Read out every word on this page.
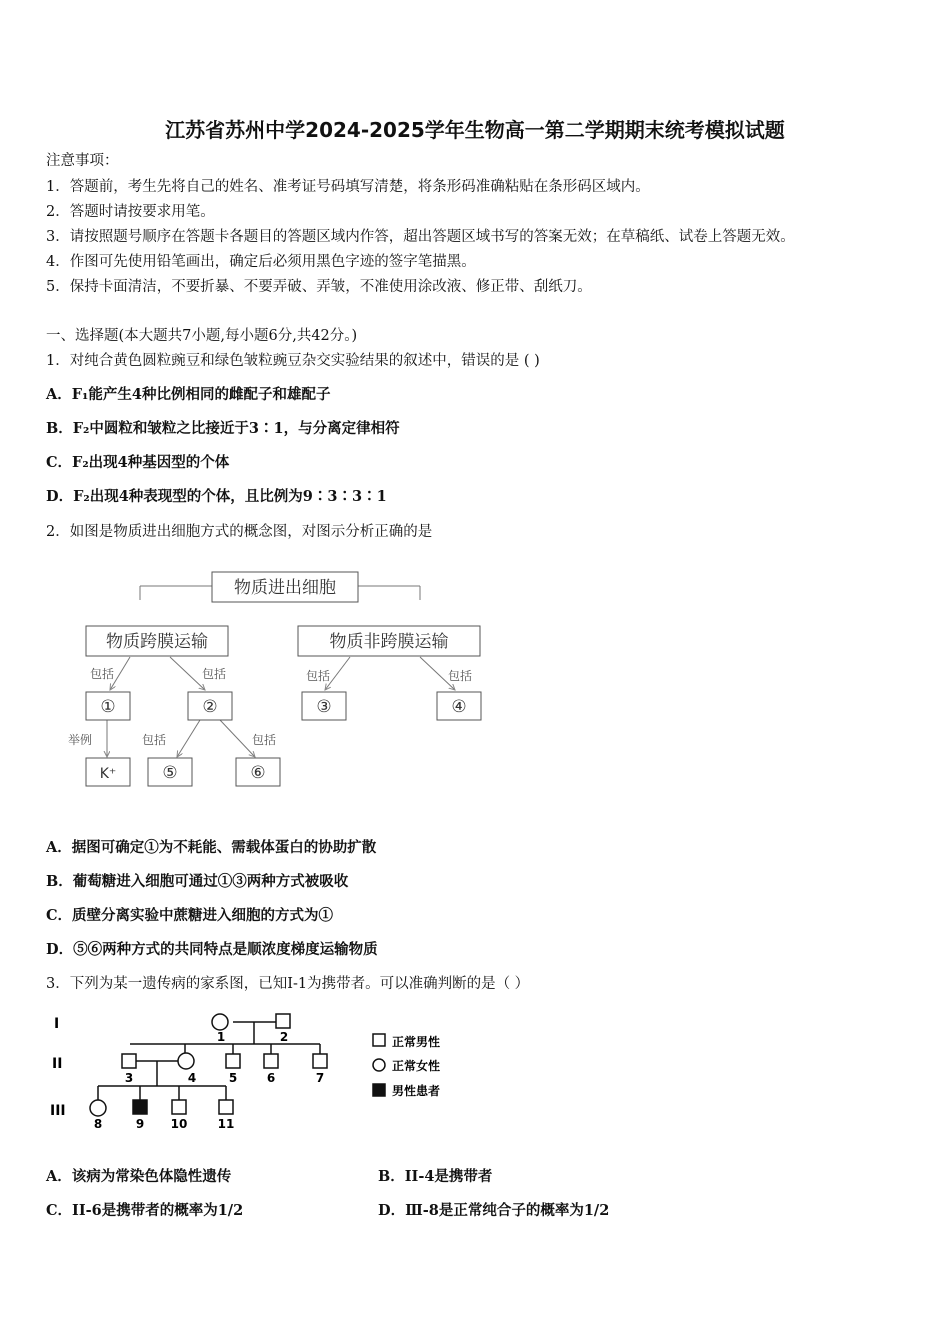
江苏省苏州中学2024-2025学年生物高一第二学期期末统考模拟试题
注意事项：
1．答题前，考生先将自己的姓名、准考证号码填写清楚，将条形码准确粘贴在条形码区域内。
2．答题时请按要求用笔。
3．请按照题号顺序在答题卡各题目的答题区域内作答，超出答题区域书写的答案无效；在草稿纸、试卷上答题无效。
4．作图可先使用铅笔画出，确定后必须用黑色字迹的签字笔描黑。
5．保持卡面清洁，不要折暴、不要弄破、弄皱，不准使用涂改液、修正带、刮纸刀。
一、选择题(本大题共7小题,每小题6分,共42分。)
1．对纯合黄色圆粒豌豆和绿色皱粒豌豆杂交实验结果的叙述中，错误的是 ( )
A．F₁能产生4种比例相同的雌配子和雄配子
B．F₂中圆粒和皱粒之比接近于3∶1，与分离定律相符
C．F₂出现4种基因型的个体
D．F₂出现4种表现型的个体，且比例为9∶3∶3∶1
2．如图是物质进出细胞方式的概念图，对图示分析正确的是
物质进出细胞
物质跨膜运输	物质非跨膜运输
包括	包括	包括	包括
①	②	③	④
举例	包括	包括
K⁺	⑤	⑥
A．据图可确定①为不耗能、需载体蛋白的协助扩散
B．葡萄糖进入细胞可通过①③两种方式被吸收
C．质壁分离实验中蔗糖进入细胞的方式为①
D．⑤⑥两种方式的共同特点是顺浓度梯度运输物质
3．下列为某一遗传病的家系图，已知I-1为携带者。可以准确判断的是（ ）
I
II
III
1	2
3	4	5 6	7
8	9 10	11
正常男性
正常女性
男性患者
A．该病为常染色体隐性遗传	B．II-4是携带者
C．II-6是携带者的概率为1/2	D．Ⅲ-8是正常纯合子的概率为1/2
